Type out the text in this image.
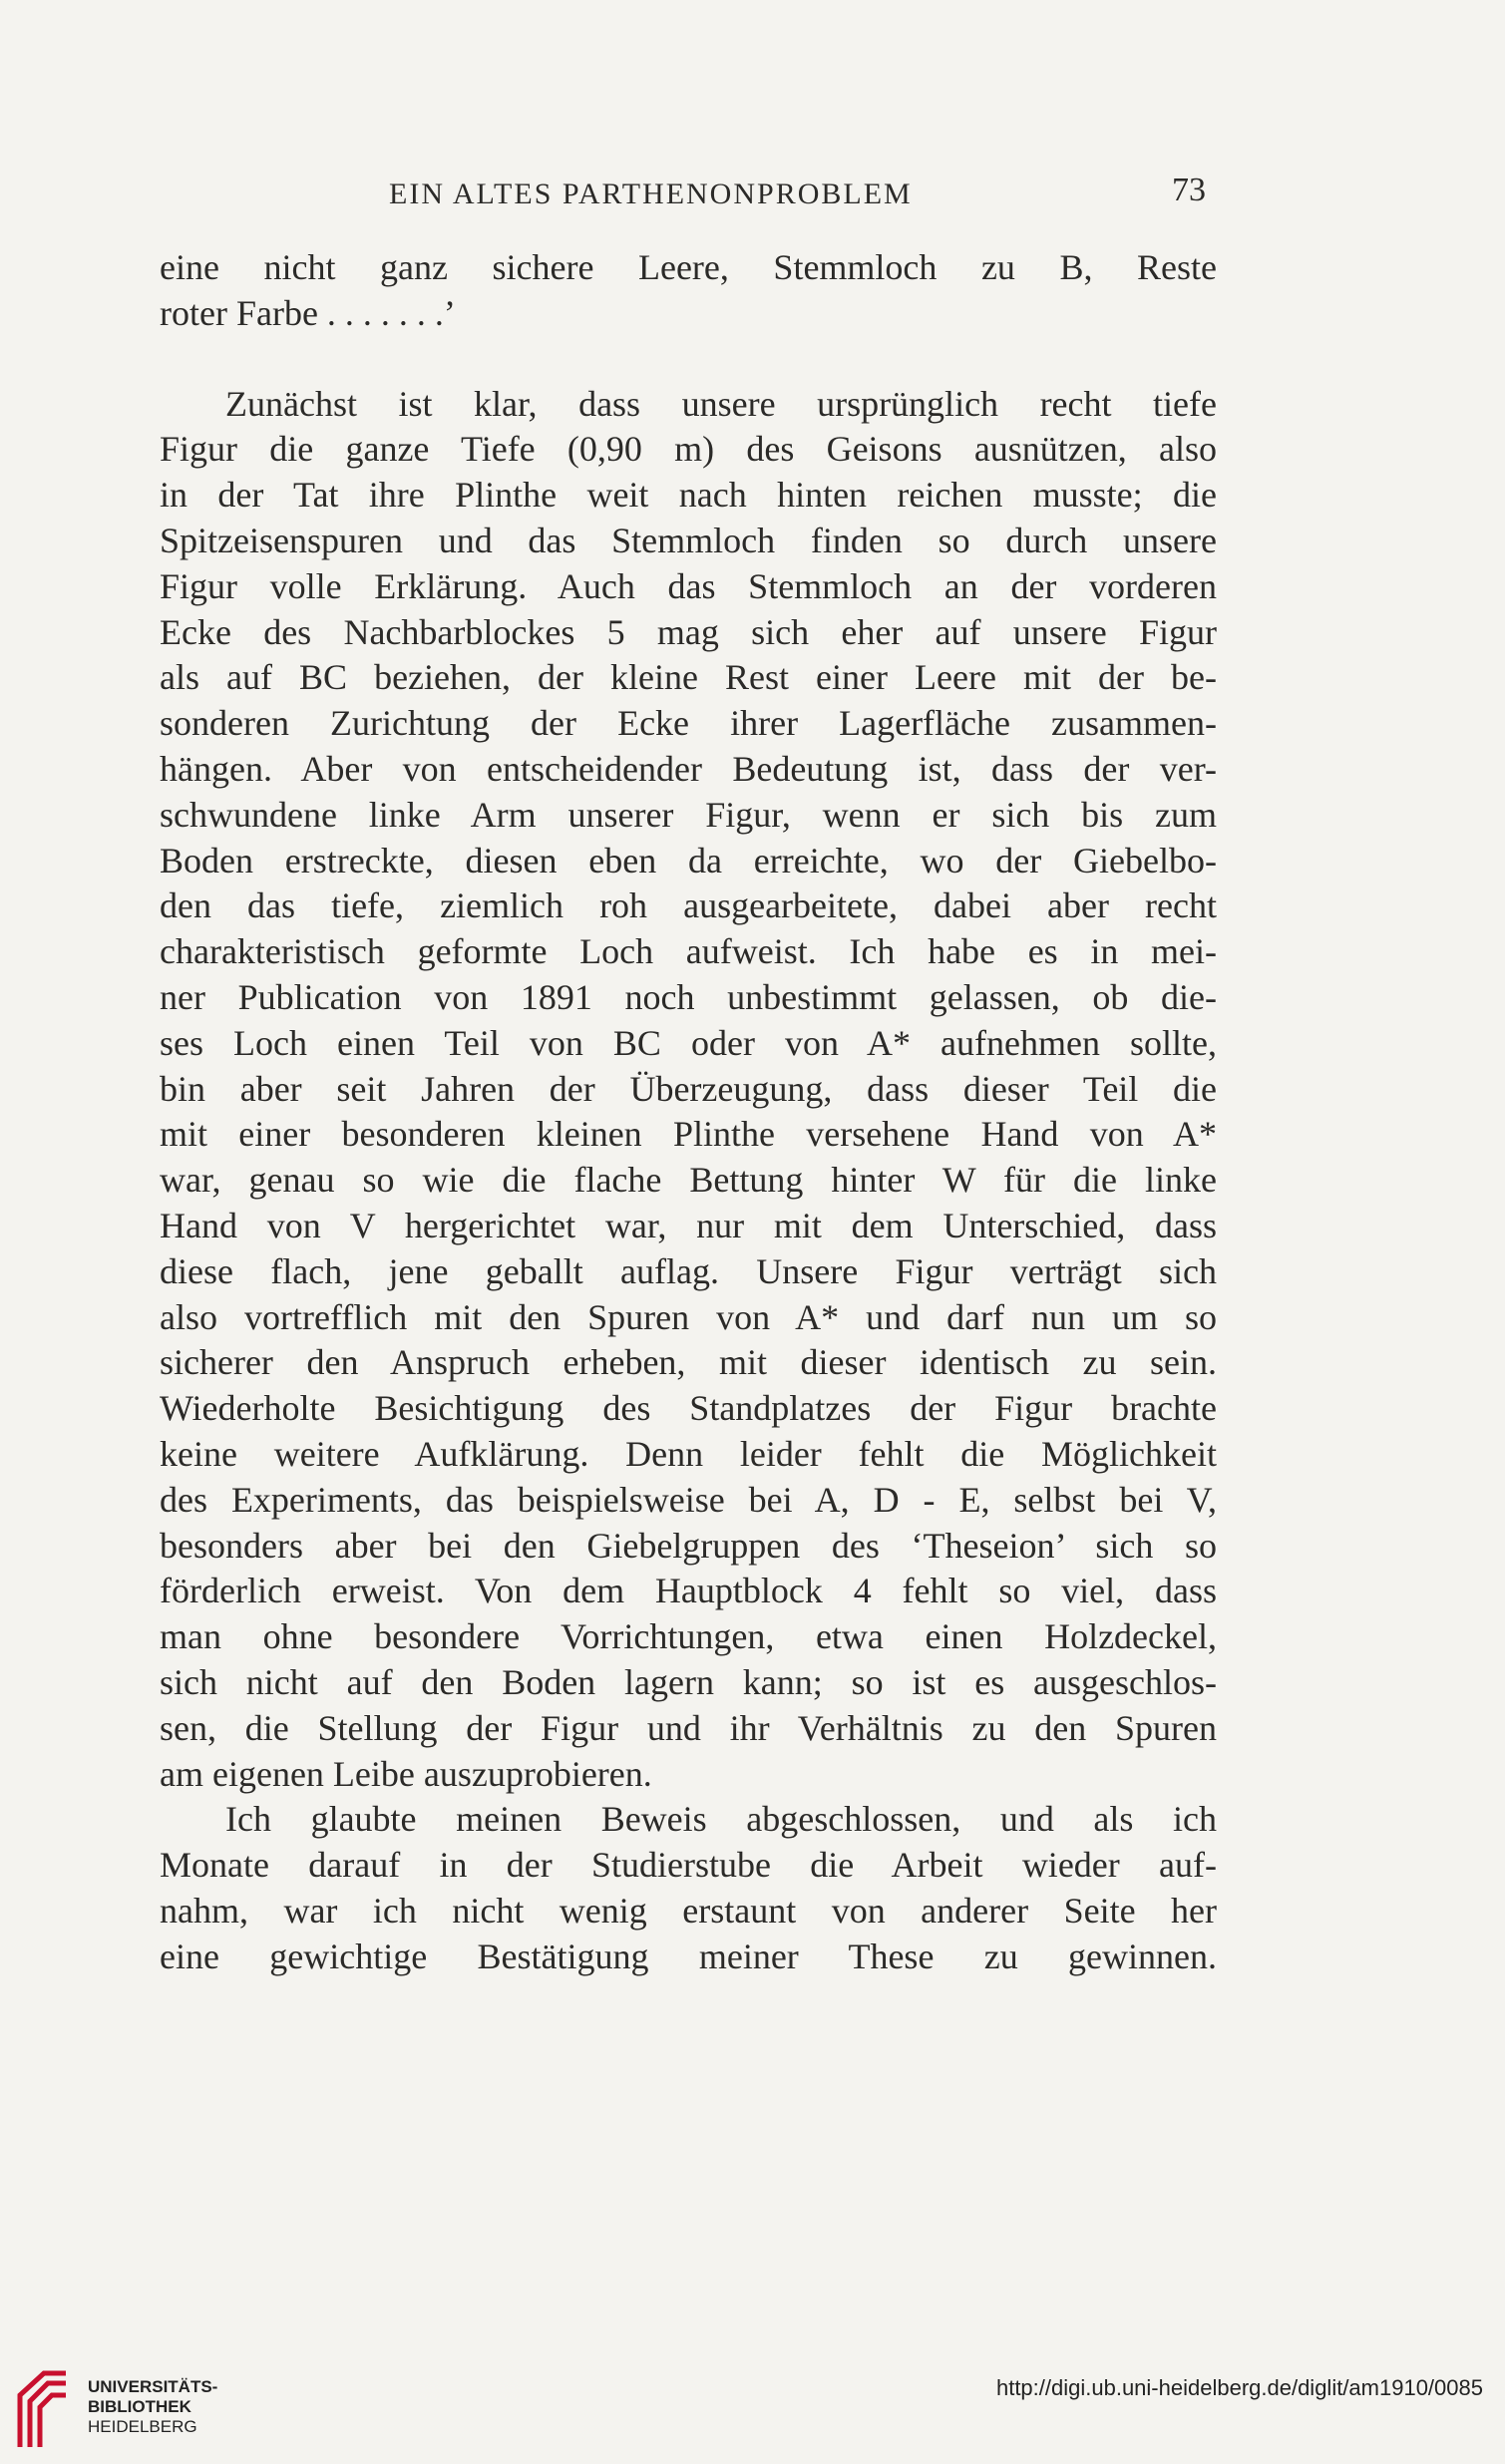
EIN ALTES PARTHENONPROBLEM	73
eine nicht ganz sichere Leere, Stemmloch zu B, Reste
roter Farbe . . . . . . .’
Zunächst ist klar, dass unsere ursprünglich recht tiefe
Figur die ganze Tiefe (0,90 m) des Geisons ausnützen, also
in der Tat ihre Plinthe weit nach hinten reichen musste; die
Spitzeisenspuren und das Stemmloch finden so durch unsere
Figur volle Erklärung. Auch das Stemmloch an der vorderen
Ecke des Nachbarblockes 5 mag sich eher auf unsere Figur
als auf BC beziehen, der kleine Rest einer Leere mit der be-
sonderen Zurichtung der Ecke ihrer Lagerfläche zusammen-
hängen. Aber von entscheidender Bedeutung ist, dass der ver-
schwundene linke Arm unserer Figur, wenn er sich bis zum
Boden erstreckte, diesen eben da erreichte, wo der Giebelbo-
den das tiefe, ziemlich roh ausgearbeitete, dabei aber recht
charakteristisch geformte Loch aufweist. Ich habe es in mei-
ner Publication von 1891 noch unbestimmt gelassen, ob die-
ses Loch einen Teil von BC oder von A* aufnehmen sollte,
bin aber seit Jahren der Überzeugung, dass dieser Teil die
mit einer besonderen kleinen Plinthe versehene Hand von A*
war, genau so wie die flache Bettung hinter W für die linke
Hand von V hergerichtet war, nur mit dem Unterschied, dass
diese flach, jene geballt auflag. Unsere Figur verträgt sich
also vortrefflich mit den Spuren von A* und darf nun um so
sicherer den Anspruch erheben, mit dieser identisch zu sein.
Wiederholte Besichtigung des Standplatzes der Figur brachte
keine weitere Aufklärung. Denn leider fehlt die Möglichkeit
des Experiments, das beispielsweise bei A, D - E, selbst bei V,
besonders aber bei den Giebelgruppen des ‘Theseion’ sich so
förderlich erweist. Von dem Hauptblock 4 fehlt so viel, dass
man ohne besondere Vorrichtungen, etwa einen Holzdeckel,
sich nicht auf den Boden lagern kann; so ist es ausgeschlos-
sen, die Stellung der Figur und ihr Verhältnis zu den Spuren
am eigenen Leibe auszuprobieren.
Ich glaubte meinen Beweis abgeschlossen, und als ich
Monate darauf in der Studierstube die Arbeit wieder auf-
nahm, war ich nicht wenig erstaunt von anderer Seite her
eine gewichtige Bestätigung meiner These zu gewinnen.
UNIVERSITÄTS-
BIBLIOTHEK
HEIDELBERG
http://digi.ub.uni-heidelberg.de/diglit/am1910/0085
